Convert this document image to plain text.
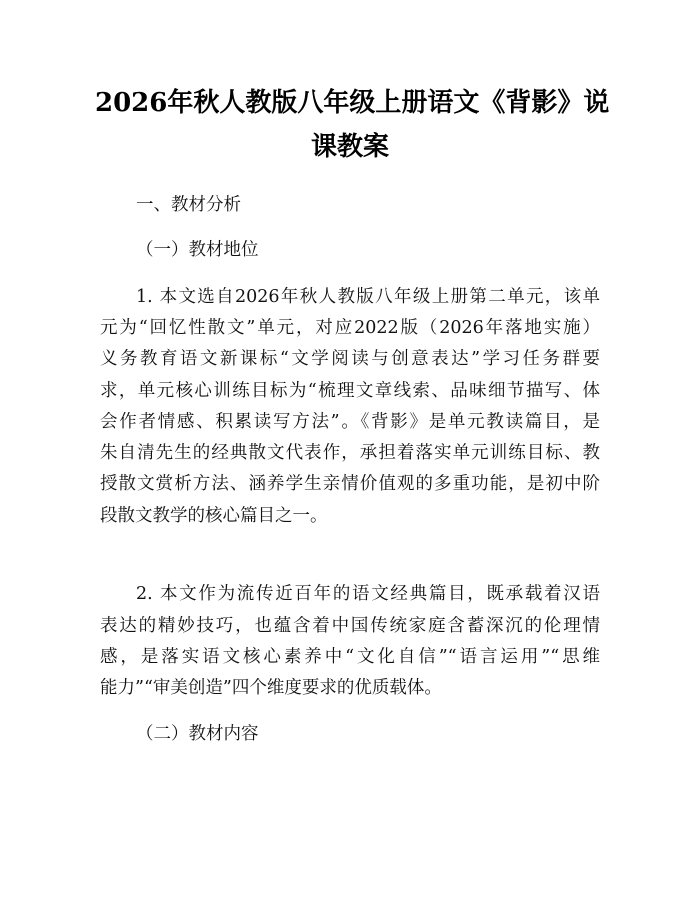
2026年秋人教版八年级上册语文《背影》说
课教案
一、教材分析
（一）教材地位
1. 本文选自2026年秋人教版八年级上册第二单元，该单
元为“回忆性散文”单元，对应2022版（2026年落地实施）
义务教育语文新课标“文学阅读与创意表达”学习任务群要
求，单元核心训练目标为“梳理文章线索、品味细节描写、体
会作者情感、积累读写方法”。《背影》是单元教读篇目，是
朱自清先生的经典散文代表作，承担着落实单元训练目标、教
授散文赏析方法、涵养学生亲情价值观的多重功能，是初中阶
段散文教学的核心篇目之一。
2. 本文作为流传近百年的语文经典篇目，既承载着汉语
表达的精妙技巧，也蕴含着中国传统家庭含蓄深沉的伦理情
感，是落实语文核心素养中“文化自信”“语言运用”“思维
能力”“审美创造”四个维度要求的优质载体。
（二）教材内容
